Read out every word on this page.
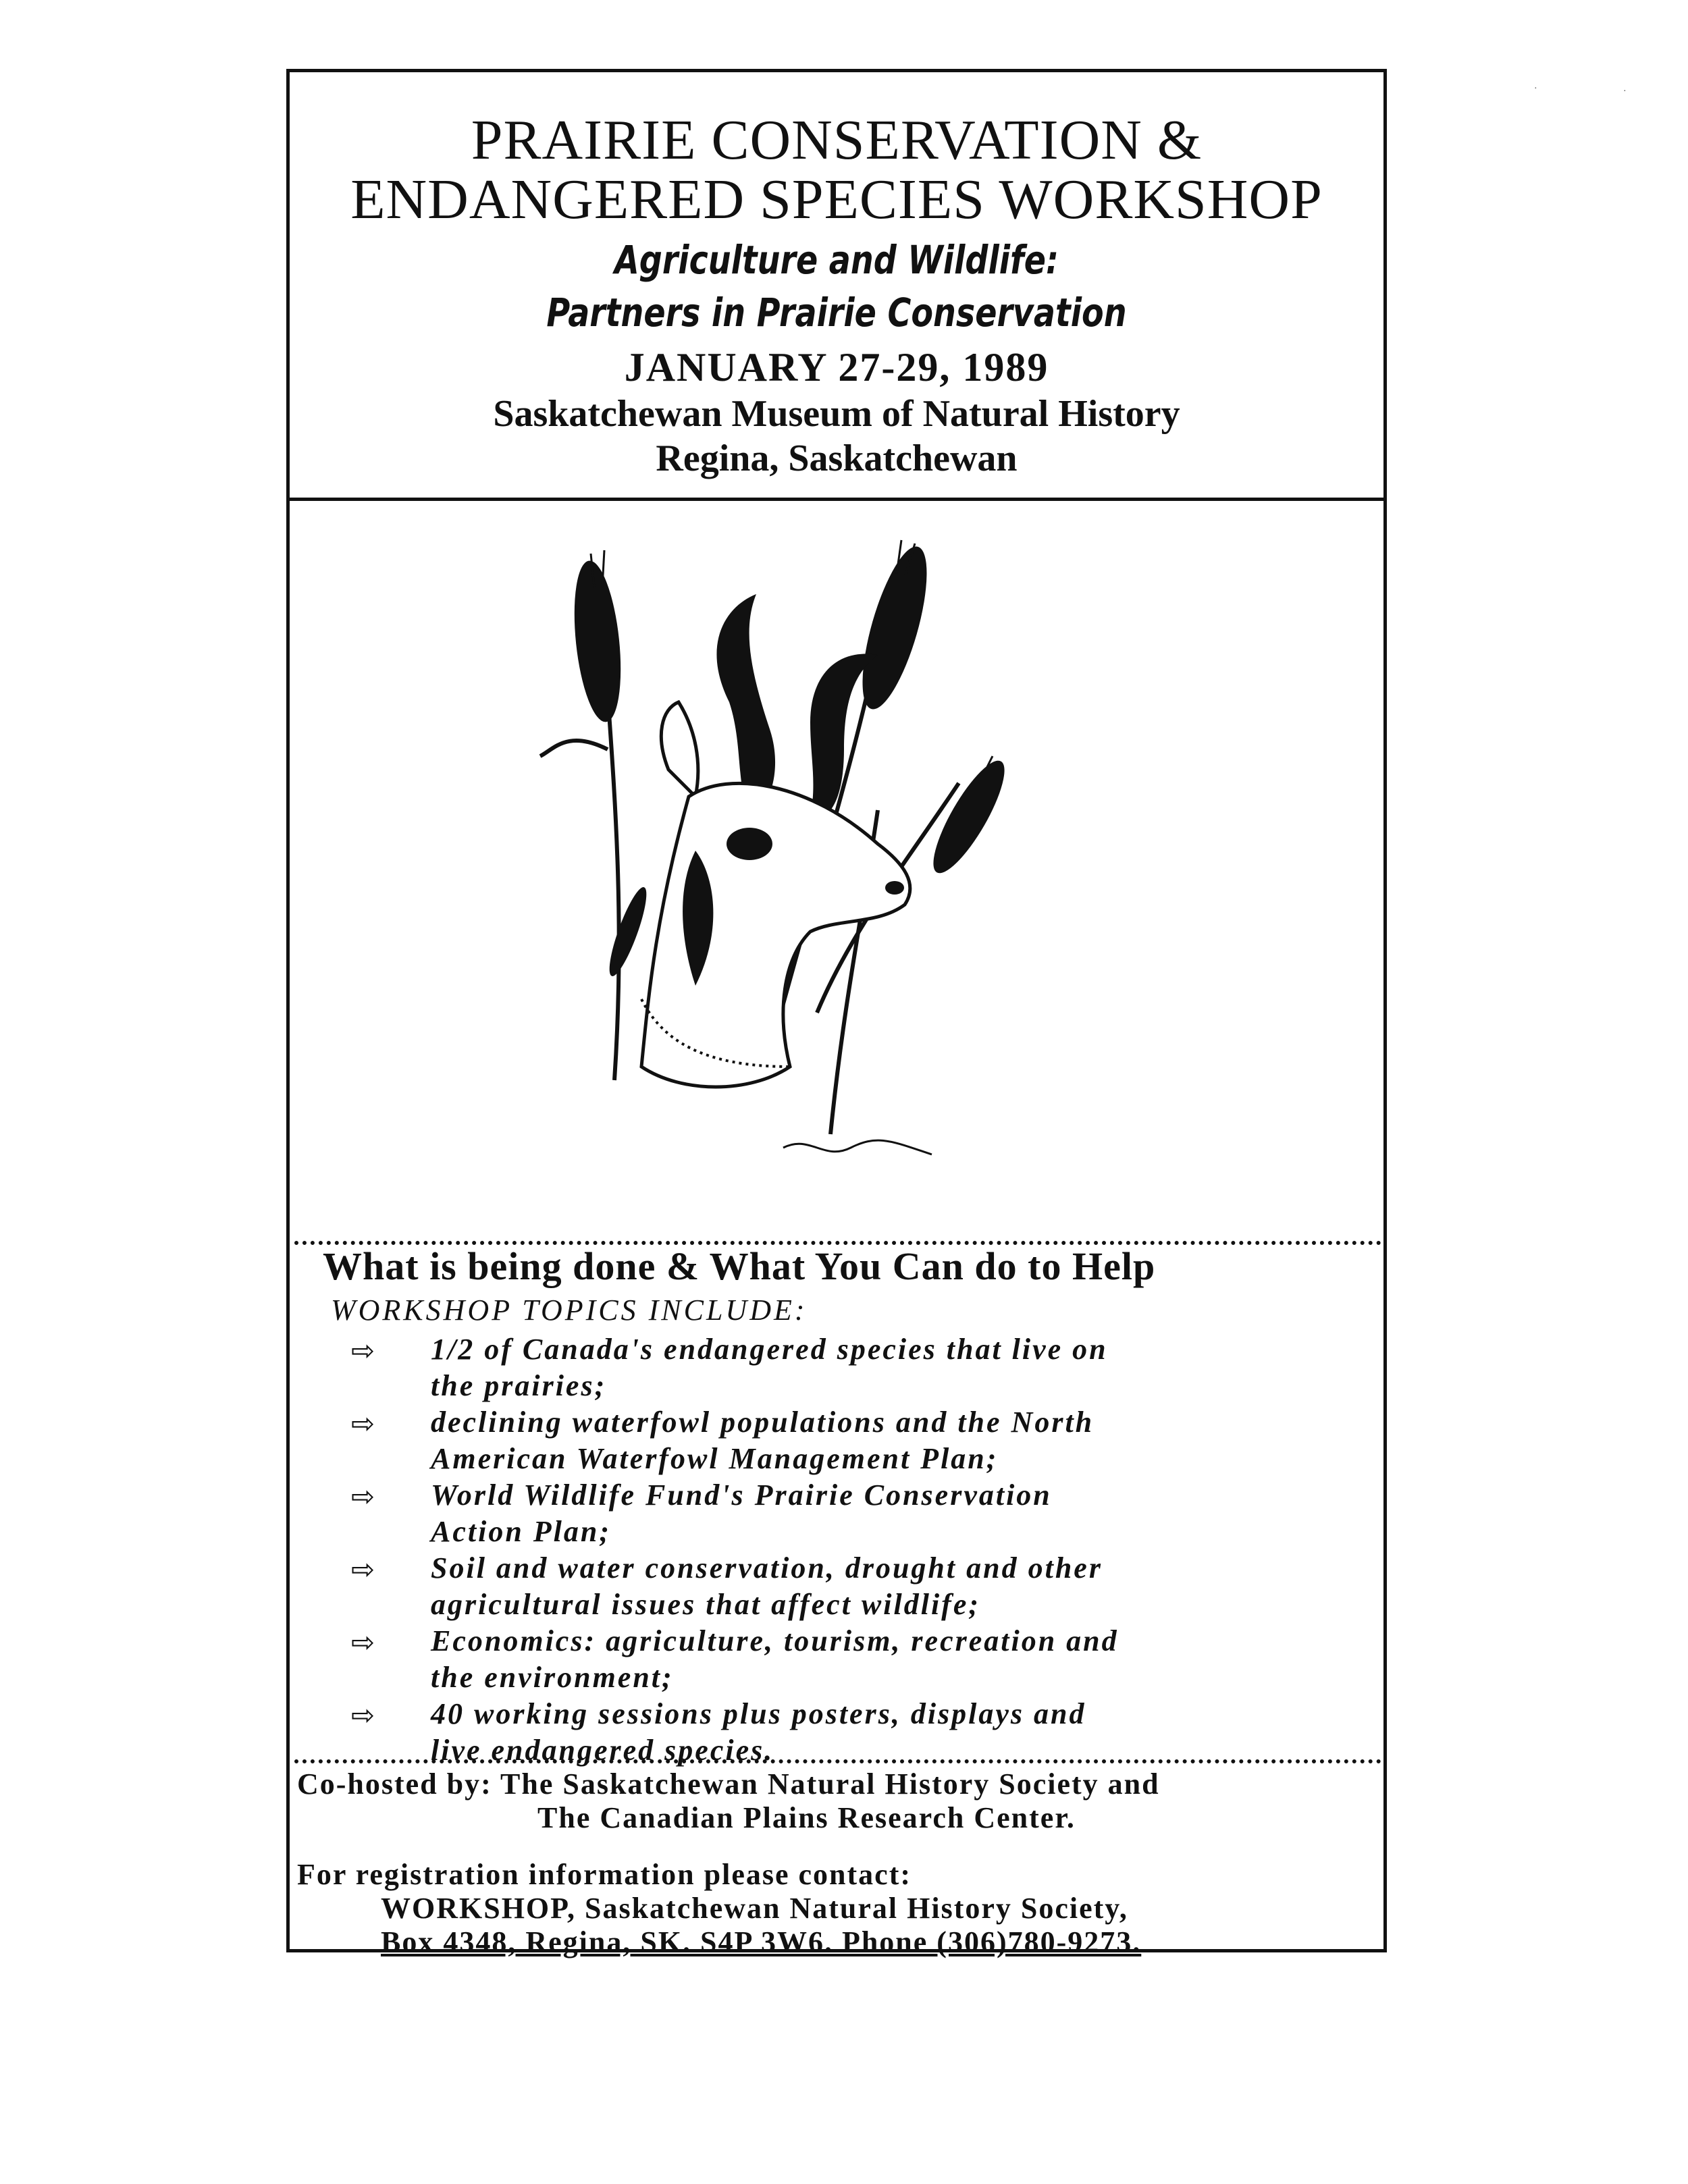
PRAIRIE CONSERVATION &
ENDANGERED SPECIES WORKSHOP
Agriculture and Wildlife:
Partners in Prairie Conservation
JANUARY 27-29, 1989
Saskatchewan Museum of Natural History
Regina, Saskatchewan
What is being done & What You Can do to Help
WORKSHOP TOPICS INCLUDE:
⇨ 1/2 of Canada's endangered species that live on
the prairies;
⇨ declining waterfowl populations and the North
American Waterfowl Management Plan;
⇨ World Wildlife Fund's Prairie Conservation
Action Plan;
⇨ Soil and water conservation, drought and other
agricultural issues that affect wildlife;
⇨ Economics: agriculture, tourism, recreation and
the environment;
⇨ 40 working sessions plus posters, displays and
live endangered species.
Co-hosted by: The Saskatchewan Natural History Society and
The Canadian Plains Research Center.
For registration information please contact:
WORKSHOP, Saskatchewan Natural History Society,
Box 4348, Regina, SK. S4P 3W6. Phone (306)780-9273.
·	·
